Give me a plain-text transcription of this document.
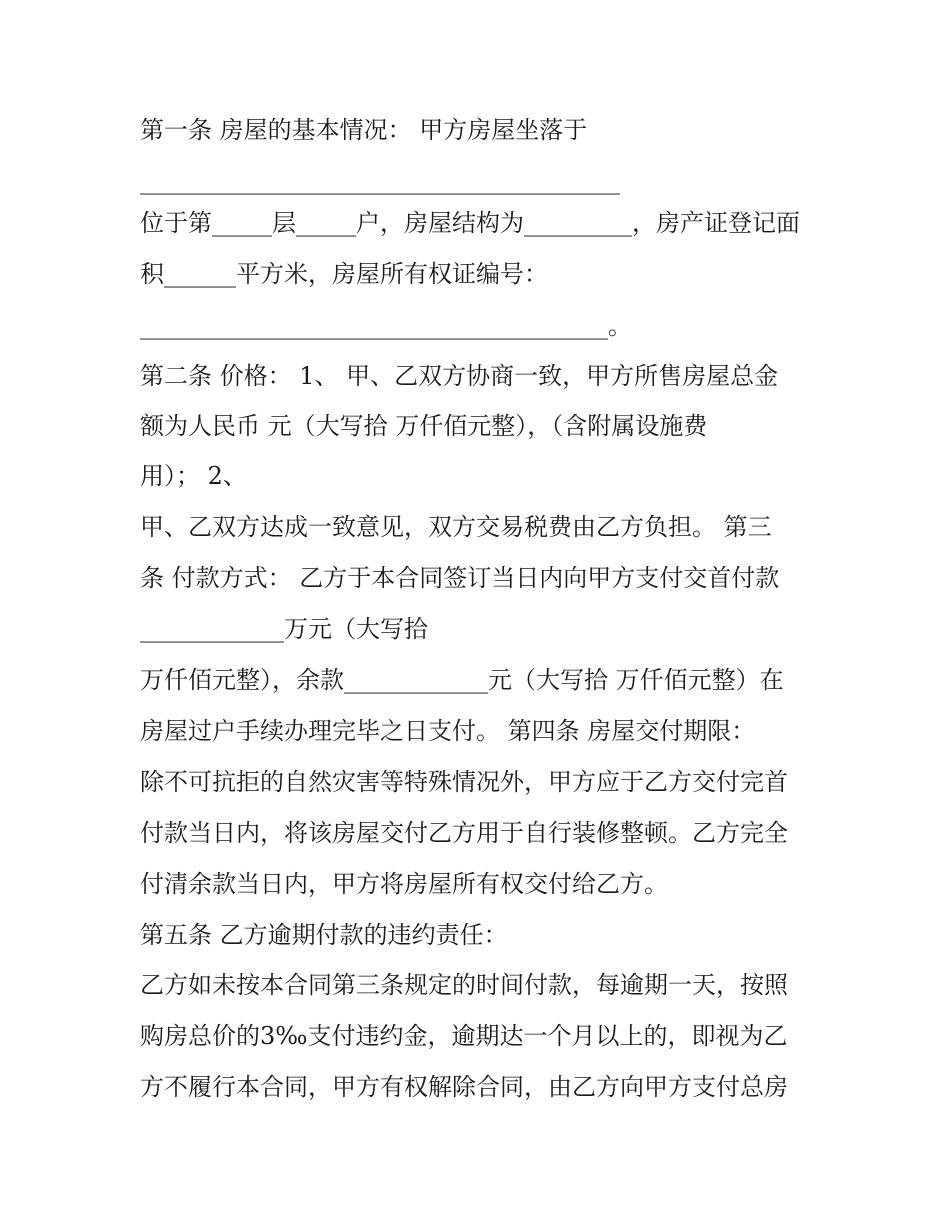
第一条 房屋的基本情况： 甲方房屋坐落于

________________________________________

位于第_____层_____户，房屋结构为_________，房产证登记面

积______平方米，房屋所有权证编号：

_______________________________________。

第二条 价格： 1、 甲、乙双方协商一致，甲方所售房屋总金

额为人民币 元（大写拾 万仟佰元整），（含附属设施费

用）； 2、

甲、乙双方达成一致意见，双方交易税费由乙方负担。 第三

条 付款方式： 乙方于本合同签订当日内向甲方支付交首付款

____________万元（大写拾

万仟佰元整），余款____________元（大写拾 万仟佰元整）在

房屋过户手续办理完毕之日支付。 第四条 房屋交付期限：

除不可抗拒的自然灾害等特殊情况外，甲方应于乙方交付完首

付款当日内，将该房屋交付乙方用于自行装修整顿。乙方完全

付清余款当日内，甲方将房屋所有权交付给乙方。

第五条 乙方逾期付款的违约责任：

乙方如未按本合同第三条规定的时间付款，每逾期一天，按照

购房总价的3‰支付违约金，逾期达一个月以上的，即视为乙

方不履行本合同，甲方有权解除合同，由乙方向甲方支付总房
